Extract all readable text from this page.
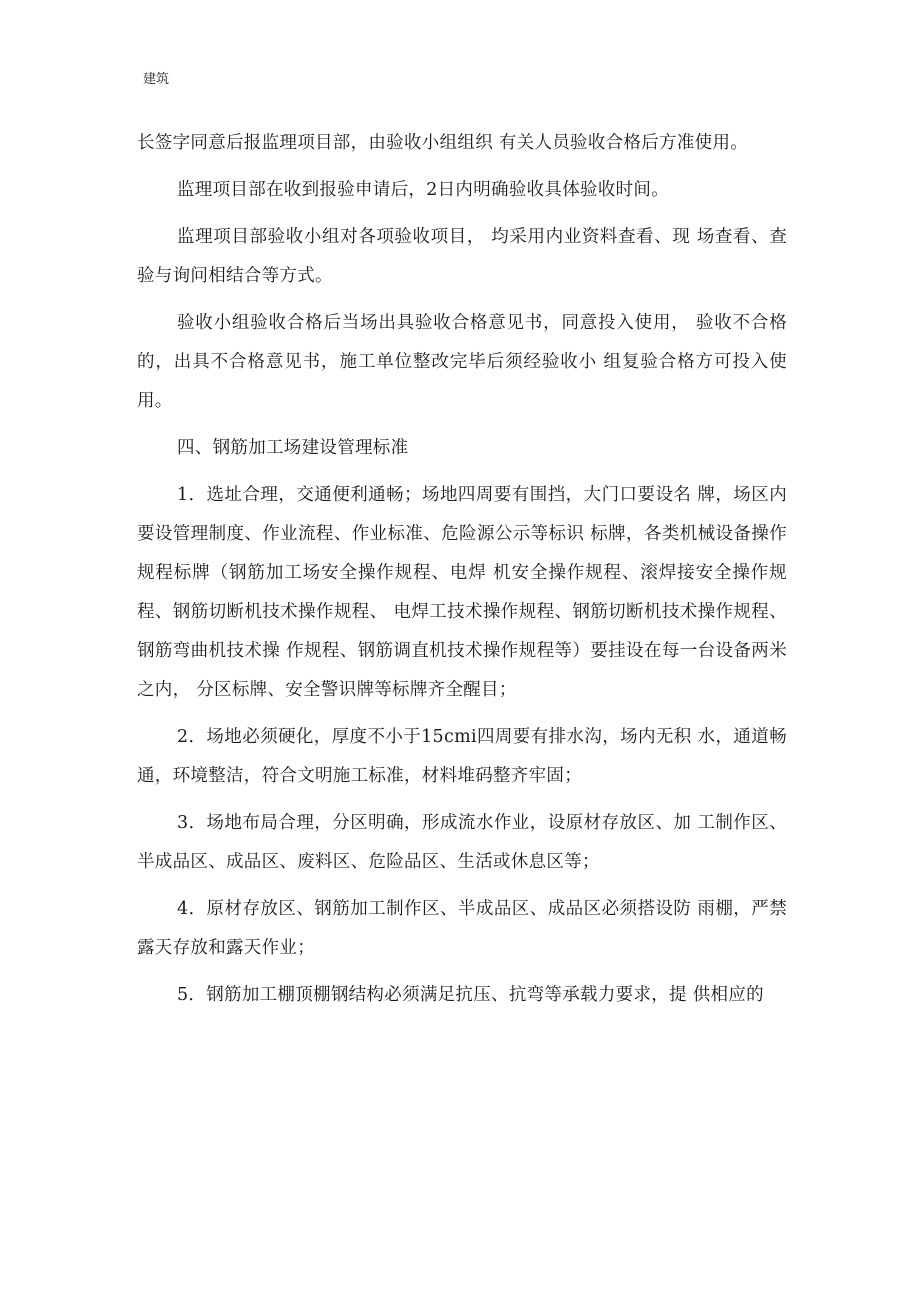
建筑

长签字同意后报监理项目部，由验收小组组织 有关人员验收合格后方准使用。

监理项目部在收到报验申请后，2日内明确验收具体验收时间。

监理项目部验收小组对各项验收项目， 均采用内业资料查看、现 场查看、查验与询问相结合等方式。

验收小组验收合格后当场出具验收合格意见书，同意投入使用， 验收不合格的，出具不合格意见书，施工单位整改完毕后须经验收小 组复验合格方可投入使用。

四、钢筋加工场建设管理标准

1．选址合理，交通便利通畅；场地四周要有围挡，大门口要设名 牌，场区内要设管理制度、作业流程、作业标准、危险源公示等标识 标牌，各类机械设备操作规程标牌（钢筋加工场安全操作规程、电焊 机安全操作规程、滚焊接安全操作规程、钢筋切断机技术操作规程、 电焊工技术操作规程、钢筋切断机技术操作规程、钢筋弯曲机技术操 作规程、钢筋调直机技术操作规程等）要挂设在每一台设备两米之内， 分区标牌、安全警识牌等标牌齐全醒目；

2．场地必须硬化，厚度不小于15cmi四周要有排水沟，场内无积 水，通道畅通，环境整洁，符合文明施工标准，材料堆码整齐牢固；

3．场地布局合理，分区明确，形成流水作业，设原材存放区、加 工制作区、半成品区、成品区、废料区、危险品区、生活或休息区等；

4．原材存放区、钢筋加工制作区、半成品区、成品区必须搭设防 雨棚，严禁露天存放和露天作业；

5．钢筋加工棚顶棚钢结构必须满足抗压、抗弯等承载力要求，提 供相应的
